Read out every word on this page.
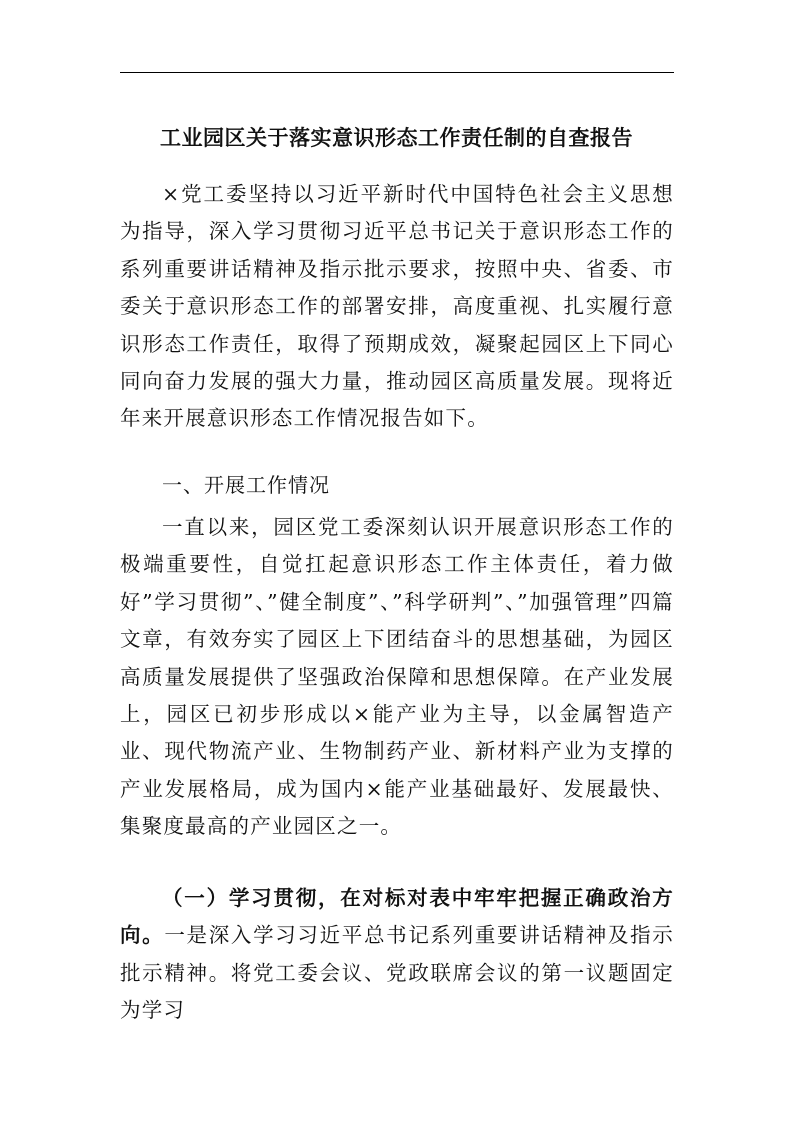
工业园区关于落实意识形态工作责任制的自查报告

×党工委坚持以习近平新时代中国特色社会主义思想为指导，深入学习贯彻习近平总书记关于意识形态工作的系列重要讲话精神及指示批示要求，按照中央、省委、市委关于意识形态工作的部署安排，高度重视、扎实履行意识形态工作责任，取得了预期成效，凝聚起园区上下同心同向奋力发展的强大力量，推动园区高质量发展。现将近年来开展意识形态工作情况报告如下。

一、开展工作情况

一直以来，园区党工委深刻认识开展意识形态工作的极端重要性，自觉扛起意识形态工作主体责任，着力做好”学习贯彻”、”健全制度”、”科学研判”、”加强管理”四篇文章，有效夯实了园区上下团结奋斗的思想基础，为园区高质量发展提供了坚强政治保障和思想保障。在产业发展上，园区已初步形成以×能产业为主导，以金属智造产业、现代物流产业、生物制药产业、新材料产业为支撑的产业发展格局，成为国内×能产业基础最好、发展最快、集聚度最高的产业园区之一。

（一）学习贯彻，在对标对表中牢牢把握正确政治方向。一是深入学习习近平总书记系列重要讲话精神及指示批示精神。将党工委会议、党政联席会议的第一议题固定为学习
